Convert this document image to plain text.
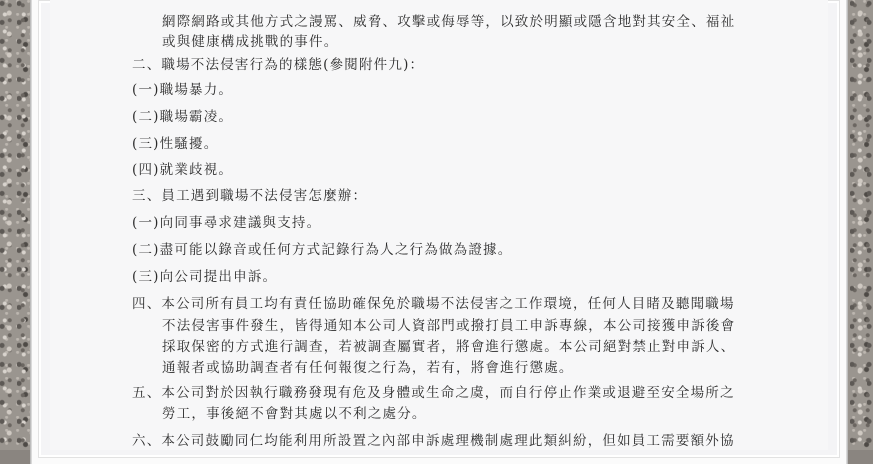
網際網路或其他方式之謾罵、威脅、攻擊或侮辱等，以致於明顯或隱含地對其安全、福祉
或與健康構成挑戰的事件。
二、職場不法侵害行為的樣態(參閱附件九)：
(一)職場暴力。
(二)職場霸凌。
(三)性騷擾。
(四)就業歧視。
三、員工遇到職場不法侵害怎麼辦：
(一)向同事尋求建議與支持。
(二)盡可能以錄音或任何方式記錄行為人之行為做為證據。
(三)向公司提出申訴。
四、本公司所有員工均有責任協助確保免於職場不法侵害之工作環境，任何人目睹及聽聞職場
不法侵害事件發生，皆得通知本公司人資部門或撥打員工申訴專線，本公司接獲申訴後會
採取保密的方式進行調查，若被調查屬實者，將會進行懲處。本公司絕對禁止對申訴人、
通報者或協助調查者有任何報復之行為，若有，將會進行懲處。
五、本公司對於因執行職務發現有危及身體或生命之虞，而自行停止作業或退避至安全場所之
勞工，事後絕不會對其處以不利之處分。
六、本公司鼓勵同仁均能利用所設置之內部申訴處理機制處理此類糾紛，但如員工需要額外協
